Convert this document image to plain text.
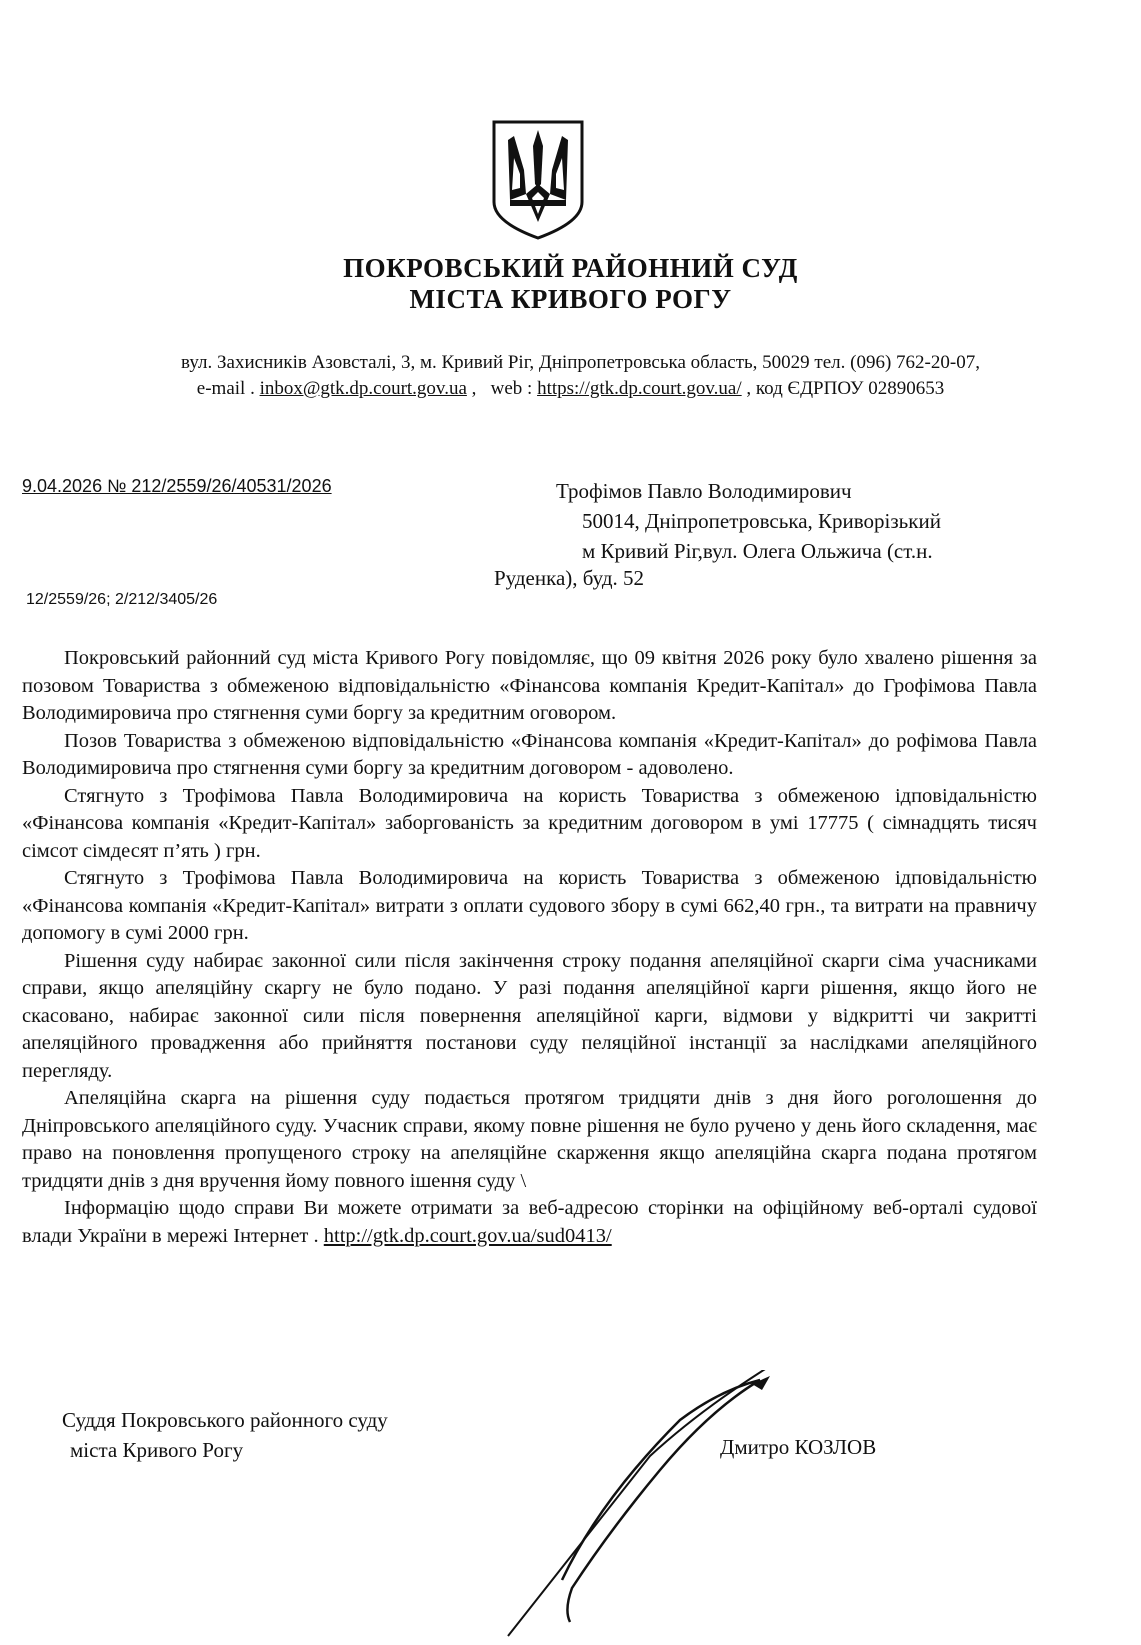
ПОКРОВСЬКИЙ РАЙОННИЙ СУД
МІСТА КРИВОГО РОГУ
вул. Захисників Азовсталі, 3, м. Кривий Ріг, Дніпропетровська область, 50029 тел. (096) 762-20-07,
e-mail . inbox@gtk.dp.court.gov.ua ,   web : https://gtk.dp.court.gov.ua/ , код ЄДРПОУ 02890653
9.04.2026 № 212/2559/26/40531/2026
12/2559/26; 2/212/3405/26
Трофімов Павло Володимирович
50014, Дніпропетровська, Криворізький
м Кривий Ріг,вул. Олега Ольжича (ст.н.
Руденка), буд. 52

Покровський районний суд міста Кривого Рогу повідомляє, що 09 квітня 2026 року було хвалено рішення за позовом Товариства з обмеженою відповідальністю «Фінансова компанія Кредит-Капітал» до Грофімова Павла Володимировича про стягнення суми боргу за кредитним оговором.

Позов Товариства з обмеженою відповідальністю «Фінансова компанія «Кредит-Капітал» до рофімова Павла Володимировича про стягнення суми боргу за кредитним договором - адоволено.

Стягнуто з Трофімова Павла Володимировича на користь Товариства з обмеженою ідповідальністю «Фінансова компанія «Кредит-Капітал» заборгованість за кредитним договором в умі 17775 ( сімнадцять тисяч сімсот сімдесят п’ять ) грн.

Стягнуто з Трофімова Павла Володимировича на користь Товариства з обмеженою ідповідальністю «Фінансова компанія «Кредит-Капітал» витрати з оплати судового збору в сумі 662,40 грн., та витрати на правничу допомогу в сумі 2000 грн.

Рішення суду набирає законної сили після закінчення строку подання апеляційної скарги сіма учасниками справи, якщо апеляційну скаргу не було подано. У разі подання апеляційної карги рішення, якщо його не скасовано, набирає законної сили після повернення апеляційної карги, відмови у відкритті чи закритті апеляційного провадження або прийняття постанови суду пеляційної інстанції за наслідками апеляційного перегляду.

Апеляційна скарга на рішення суду подається протягом тридцяти днів з дня його роголошення до Дніпровського апеляційного суду. Учасник справи, якому повне рішення не було ручено у день його складення, має право на поновлення пропущеного строку на апеляційне скарження якщо апеляційна скарга подана протягом тридцяти днів з дня вручення йому повного ішення суду \

Інформацію щодо справи Ви можете отримати за веб-адресою сторінки на офіційному веб-орталі судової влади України в мережі Інтернет . http://gtk.dp.court.gov.ua/sud0413/

Суддя Покровського районного суду
міста Кривого Рогу	Дмитро КОЗЛОВ
